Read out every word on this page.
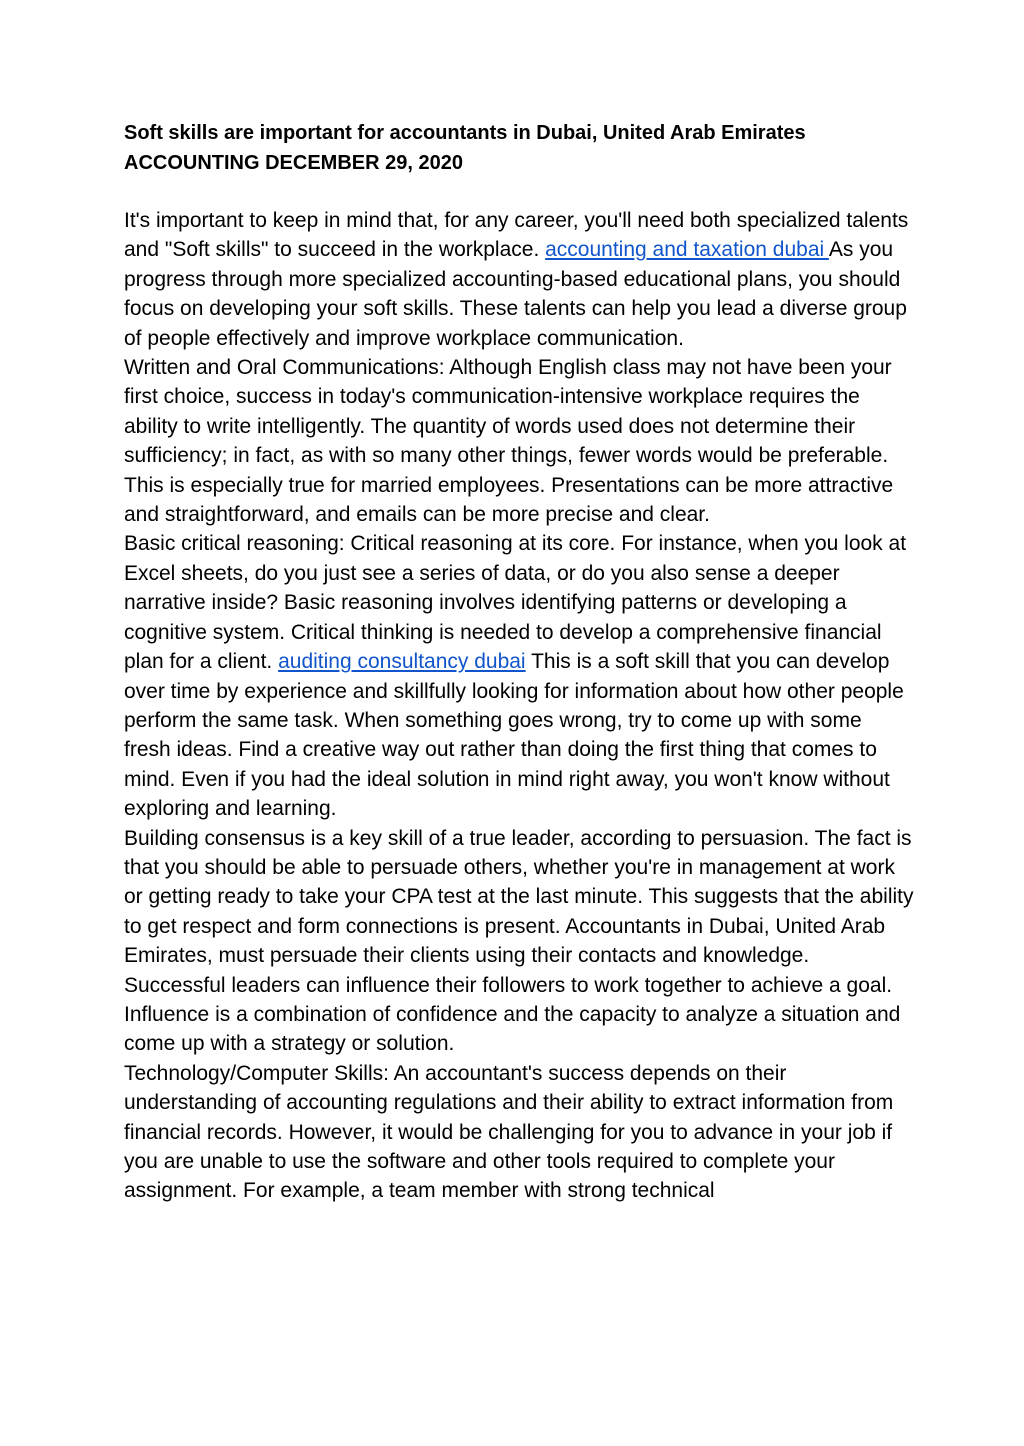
Soft skills are important for accountants in Dubai, United Arab Emirates

ACCOUNTING DECEMBER 29, 2020

It's important to keep in mind that, for any career, you'll need both specialized talents and "Soft skills" to succeed in the workplace. accounting and taxation dubai As you progress through more specialized accounting-based educational plans, you should focus on developing your soft skills. These talents can help you lead a diverse group of people effectively and improve workplace communication.

Written and Oral Communications: Although English class may not have been your first choice, success in today's communication-intensive workplace requires the ability to write intelligently. The quantity of words used does not determine their sufficiency; in fact, as with so many other things, fewer words would be preferable. This is especially true for married employees. Presentations can be more attractive and straightforward, and emails can be more precise and clear.

Basic critical reasoning: Critical reasoning at its core. For instance, when you look at Excel sheets, do you just see a series of data, or do you also sense a deeper narrative inside? Basic reasoning involves identifying patterns or developing a cognitive system. Critical thinking is needed to develop a comprehensive financial plan for a client. auditing consultancy dubai This is a soft skill that you can develop over time by experience and skillfully looking for information about how other people perform the same task. When something goes wrong, try to come up with some fresh ideas. Find a creative way out rather than doing the first thing that comes to mind. Even if you had the ideal solution in mind right away, you won't know without exploring and learning.

Building consensus is a key skill of a true leader, according to persuasion. The fact is that you should be able to persuade others, whether you're in management at work or getting ready to take your CPA test at the last minute. This suggests that the ability to get respect and form connections is present. Accountants in Dubai, United Arab Emirates, must persuade their clients using their contacts and knowledge. Successful leaders can influence their followers to work together to achieve a goal. Influence is a combination of confidence and the capacity to analyze a situation and come up with a strategy or solution.

Technology/Computer Skills: An accountant's success depends on their understanding of accounting regulations and their ability to extract information from financial records. However, it would be challenging for you to advance in your job if you are unable to use the software and other tools required to complete your assignment. For example, a team member with strong technical
